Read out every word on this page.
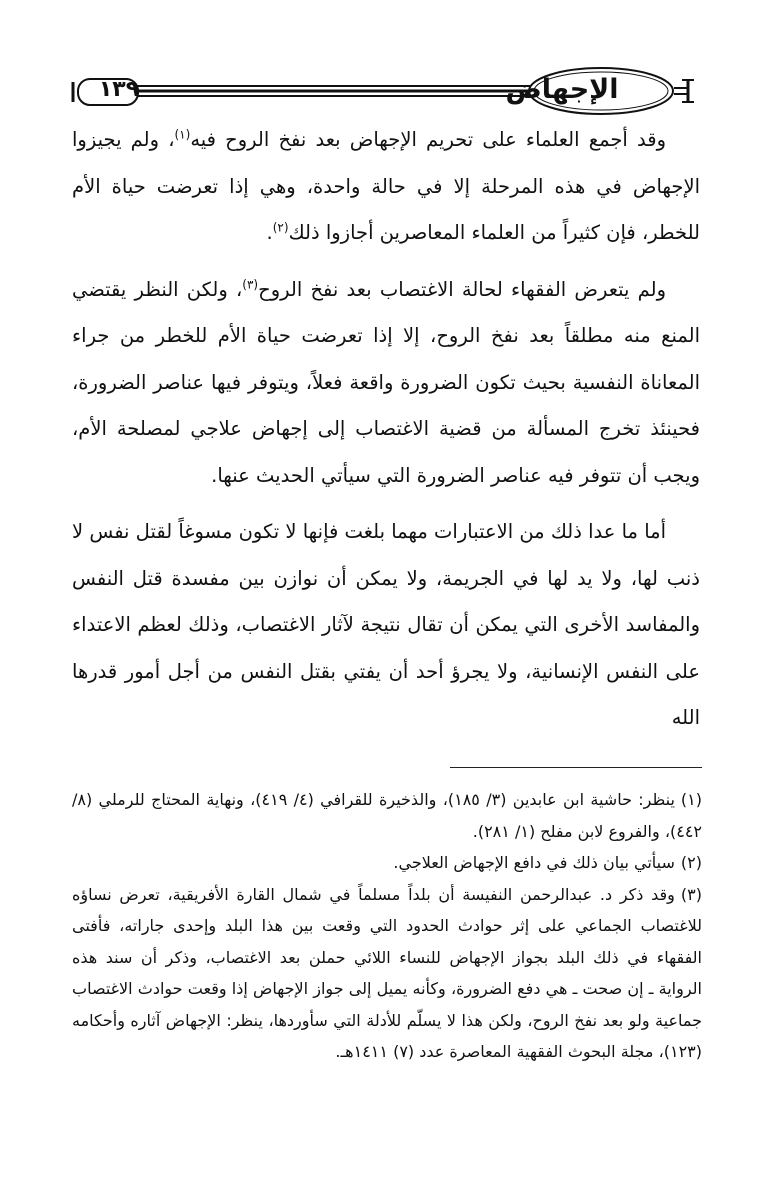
الإجهاض
١٣٩

وقد أجمع العلماء على تحريم الإجهاض بعد نفخ الروح فيه$^{(١)}$، ولم يجيزوا الإجهاض في هذه المرحلة إلا في حالة واحدة، وهي إذا تعرضت حياة الأم للخطر، فإن كثيراً من العلماء المعاصرين أجازوا ذلك$^{(٢)}$.

ولم يتعرض الفقهاء لحالة الاغتصاب بعد نفخ الروح$^{(٣)}$، ولكن النظر يقتضي المنع منه مطلقاً بعد نفخ الروح، إلا إذا تعرضت حياة الأم للخطر من جراء المعاناة النفسية بحيث تكون الضرورة واقعة فعلاً، ويتوفر فيها عناصر الضرورة، فحينئذ تخرج المسألة من قضية الاغتصاب إلى إجهاض علاجي لمصلحة الأم، ويجب أن تتوفر فيه عناصر الضرورة التي سيأتي الحديث عنها.

أما ما عدا ذلك من الاعتبارات مهما بلغت فإنها لا تكون مسوغاً لقتل نفس لا ذنب لها، ولا يد لها في الجريمة، ولا يمكن أن نوازن بين مفسدة قتل النفس والمفاسد الأخرى التي يمكن أن تقال نتيجة لآثار الاغتصاب، وذلك لعظم الاعتداء على النفس الإنسانية، ولا يجرؤ أحد أن يفتي بقتل النفس من أجل أمور قدرها الله

(١)ينظر: حاشية ابن عابدين (٣/ ١٨٥)، والذخيرة للقرافي (٤/ ٤١٩)، ونهاية المحتاج للرملي (٨/ ٤٤٢)، والفروع لابن مفلح (١/ ٢٨١).

(٢)سيأتي بيان ذلك في دافع الإجهاض العلاجي.

(٣)وقد ذكر د. عبدالرحمن النفيسة أن بلداً مسلماً في شمال القارة الأفريقية، تعرض نساؤه للاغتصاب الجماعي على إثر حوادث الحدود التي وقعت بين هذا البلد وإحدى جاراته، فأفتى الفقهاء في ذلك البلد بجواز الإجهاض للنساء اللائي حملن بعد الاغتصاب، وذكر أن سند هذه الرواية ـ إن صحت ـ هي دفع الضرورة، وكأنه يميل إلى جواز الإجهاض إذا وقعت حوادث الاغتصاب جماعية ولو بعد نفخ الروح، ولكن هذا لا يسلّم للأدلة التي سأوردها، ينظر: الإجهاض آثاره وأحكامه (١٢٣)، مجلة البحوث الفقهية المعاصرة عدد (٧) ١٤١١هـ.
